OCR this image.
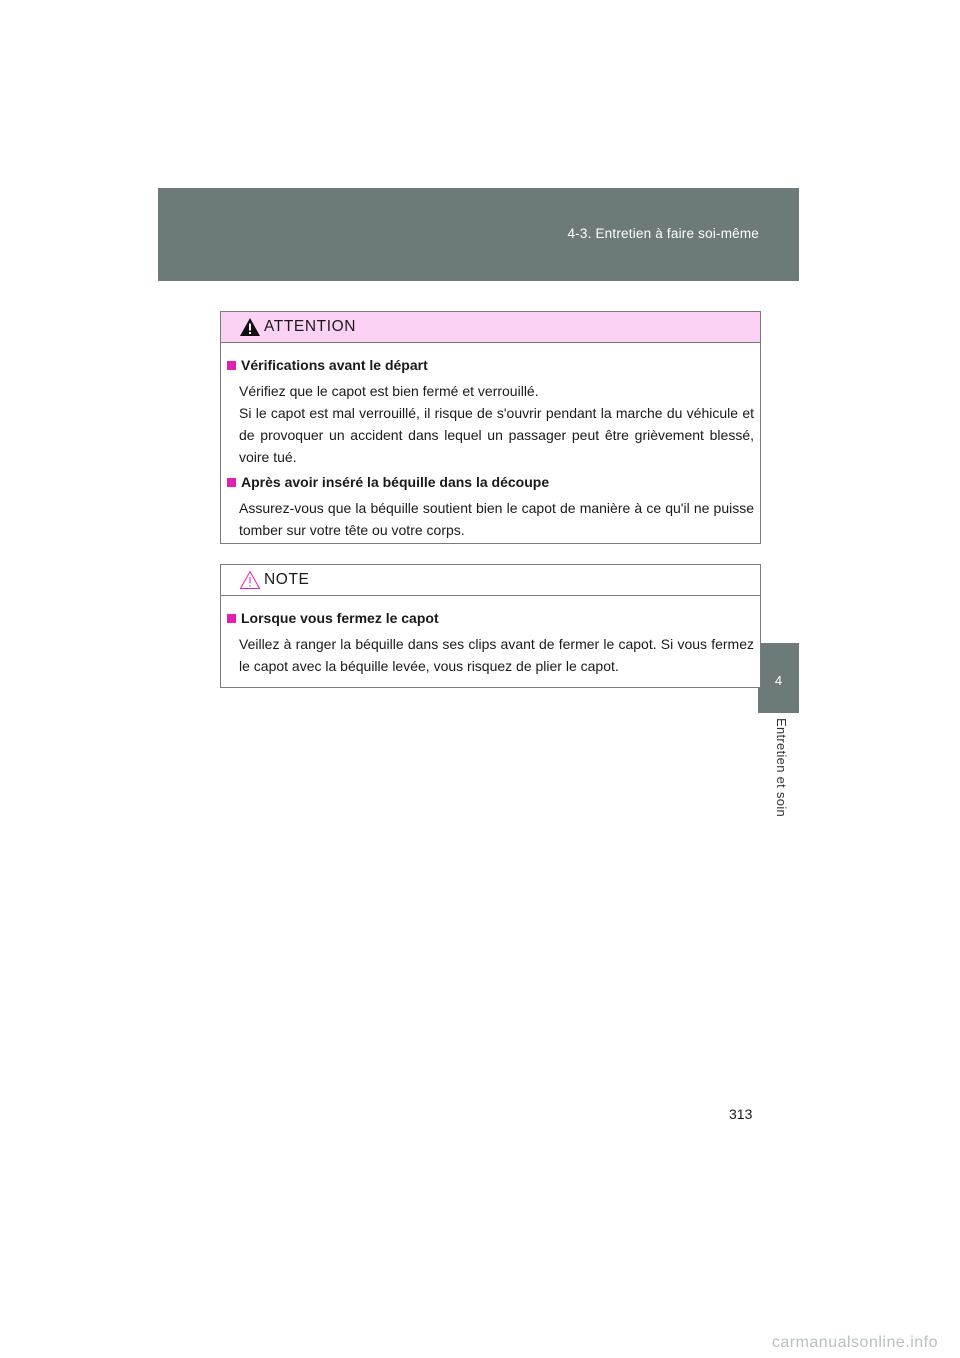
4-3. Entretien à faire soi-même
4
Entretien et soin
ATTENTION
Vérifications avant le départ
Vérifiez que le capot est bien fermé et verrouillé.
Si le capot est mal verrouillé, il risque de s'ouvrir pendant la marche du véhicule et de provoquer un accident dans lequel un passager peut être grièvement blessé, voire tué.
Après avoir inséré la béquille dans la découpe
Assurez-vous que la béquille soutient bien le capot de manière à ce qu'il ne puisse tomber sur votre tête ou votre corps.
NOTE
Lorsque vous fermez le capot
Veillez à ranger la béquille dans ses clips avant de fermer le capot. Si vous fermez le capot avec la béquille levée, vous risquez de plier le capot.
313
carmanualsonline.info
